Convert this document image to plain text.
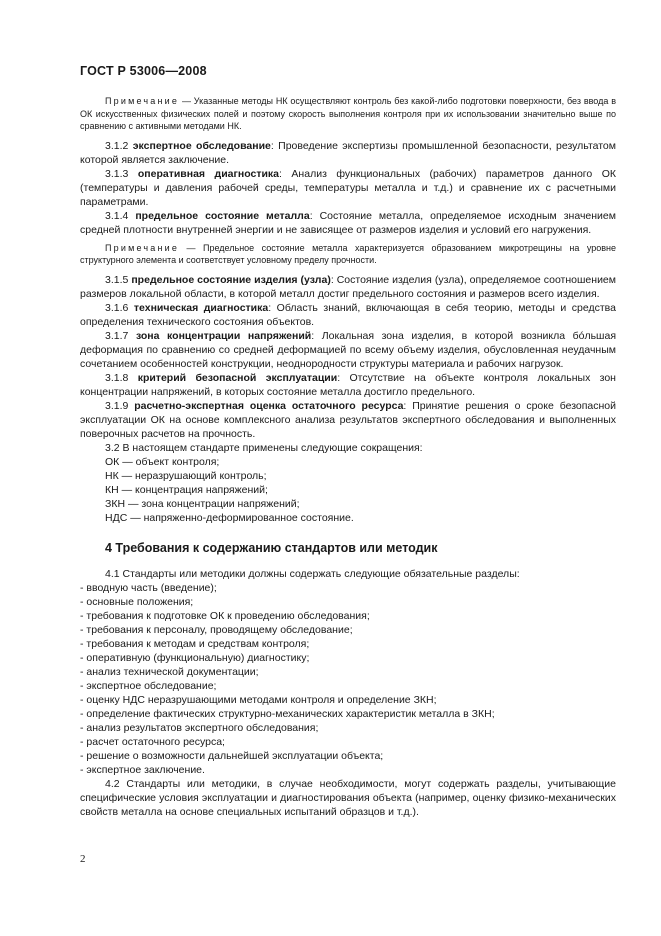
ГОСТ Р 53006—2008

Примечание — Указанные методы НК осуществляют контроль без какой-либо подготовки поверхности, без ввода в ОК искусственных физических полей и поэтому скорость выполнения контроля при их использовании значительно выше по сравнению с активными методами НК.

3.1.2 экспертное обследование: Проведение экспертизы промышленной безопасности, результатом которой является заключение.

3.1.3 оперативная диагностика: Анализ функциональных (рабочих) параметров данного ОК (температуры и давления рабочей среды, температуры металла и т.д.) и сравнение их с расчетными параметрами.

3.1.4 предельное состояние металла: Состояние металла, определяемое исходным значением средней плотности внутренней энергии и не зависящее от размеров изделия и условий его нагружения.

Примечание — Предельное состояние металла характеризуется образованием микротрещины на уровне структурного элемента и соответствует условному пределу прочности.

3.1.5 предельное состояние изделия (узла): Состояние изделия (узла), определяемое соотношением размеров локальной области, в которой металл достиг предельного состояния и размеров всего изделия.

3.1.6 техническая диагностика: Область знаний, включающая в себя теорию, методы и средства определения технического состояния объектов.

3.1.7 зона концентрации напряжений: Локальная зона изделия, в которой возникла бóльшая деформация по сравнению со средней деформацией по всему объему изделия, обусловленная неудачным сочетанием особенностей конструкции, неоднородности структуры материала и рабочих нагрузок.

3.1.8 критерий безопасной эксплуатации: Отсутствие на объекте контроля локальных зон концентрации напряжений, в которых состояние металла достигло предельного.

3.1.9 расчетно-экспертная оценка остаточного ресурса: Принятие решения о сроке безопасной эксплуатации ОК на основе комплексного анализа результатов экспертного обследования и выполненных поверочных расчетов на прочность.

3.2 В настоящем стандарте применены следующие сокращения:

ОК — объект контроля;

НК — неразрушающий контроль;

КН — концентрация напряжений;

ЗКН — зона концентрации напряжений;

НДС — напряженно-деформированное состояние.

4 Требования к содержанию стандартов или методик

4.1 Стандарты или методики должны содержать следующие обязательные разделы:

- вводную часть (введение);
- основные положения;
- требования к подготовке ОК к проведению обследования;
- требования к персоналу, проводящему обследование;
- требования к методам и средствам контроля;
- оперативную (функциональную) диагностику;
- анализ технической документации;
- экспертное обследование;
- оценку НДС неразрушающими методами контроля и определение ЗКН;
- определение фактических структурно-механических характеристик металла в ЗКН;
- анализ результатов экспертного обследования;
- расчет остаточного ресурса;
- решение о возможности дальнейшей эксплуатации объекта;
- экспертное заключение.

4.2 Стандарты или методики, в случае необходимости, могут содержать разделы, учитывающие специфические условия эксплуатации и диагностирования объекта (например, оценку физико-механических свойств металла на основе специальных испытаний образцов и т.д.).

2
